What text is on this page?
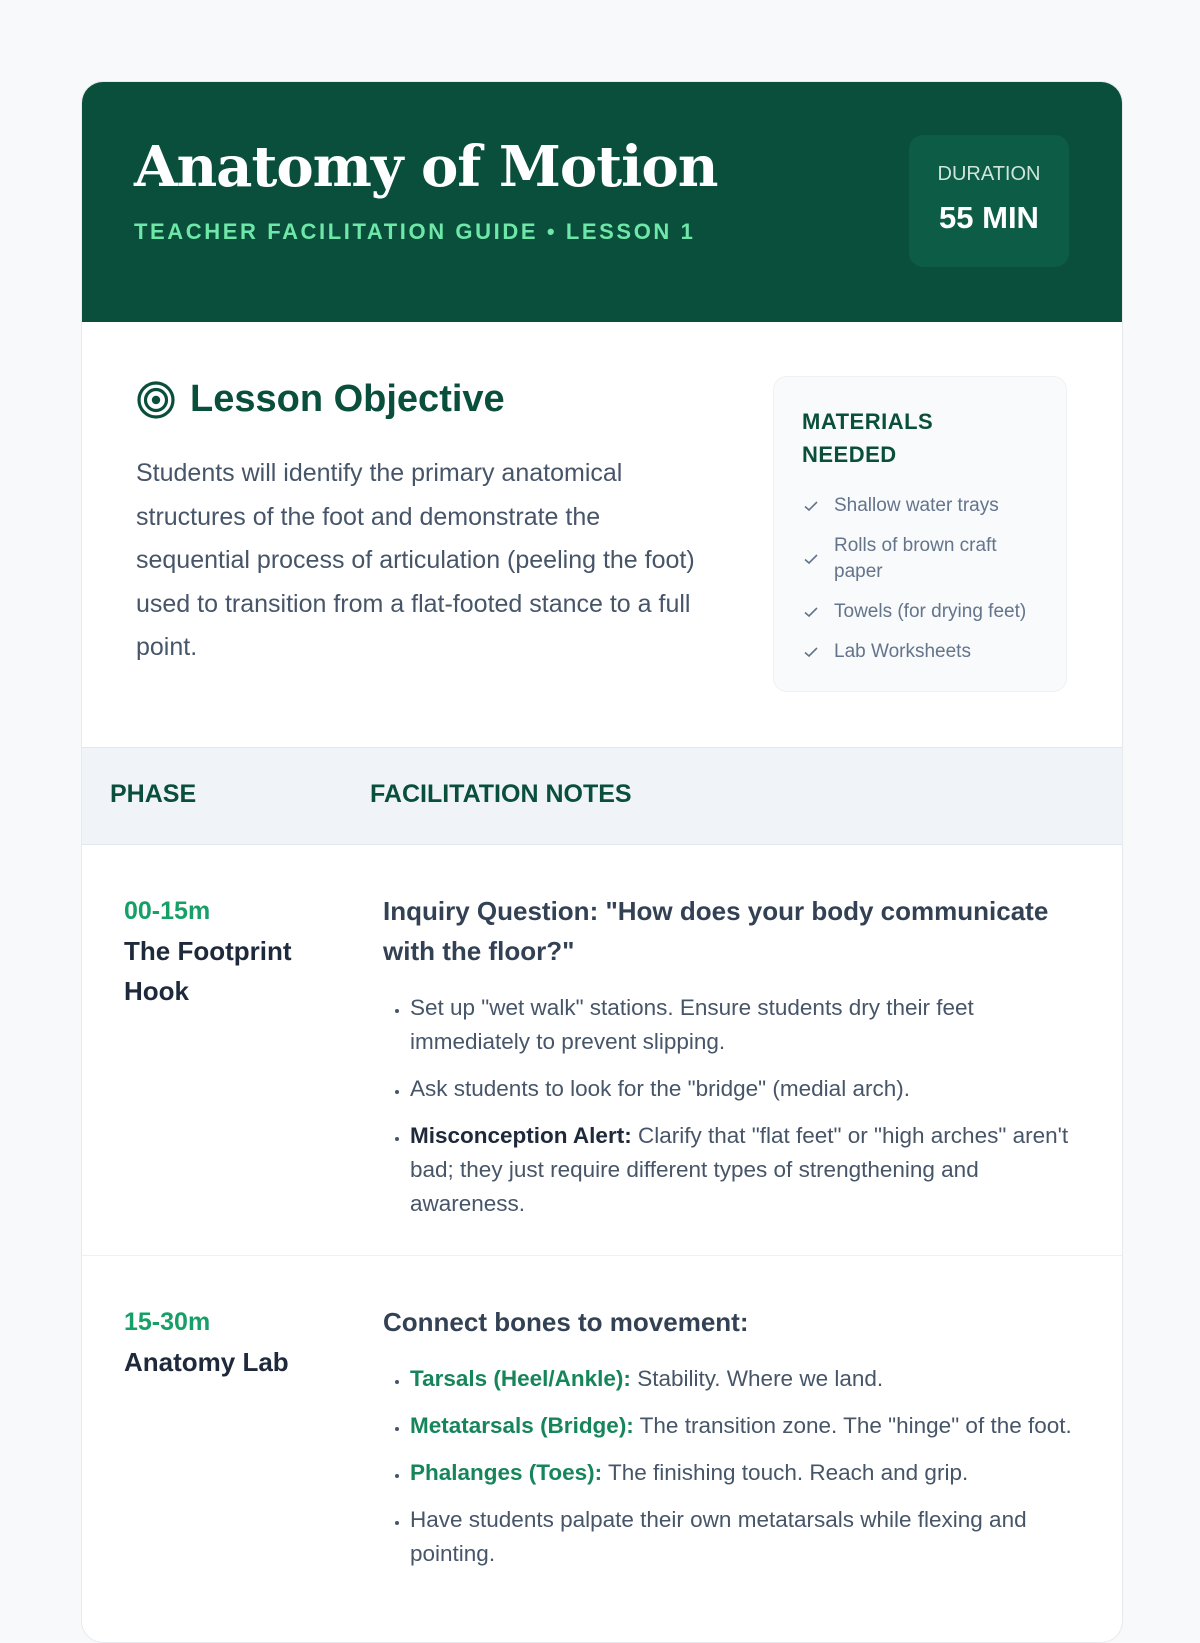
Anatomy of Motion
TEACHER FACILITATION GUIDE • LESSON 1
DURATION
55 MIN
Lesson Objective

Students will identify the primary anatomical structures of the foot and demonstrate the sequential process of articulation (peeling the foot) used to transition from a flat-footed stance to a full point.

MATERIALS NEEDED
Shallow water trays
Rolls of brown craft paper
Towels (for drying feet)
Lab Worksheets
PHASE	FACILITATION NOTES
00-15m
The Footprint Hook

Inquiry Question: "How does your body communicate with the floor?"

• Set up "wet walk" stations. Ensure students dry their feet immediately to prevent slipping.
• Ask students to look for the "bridge" (medial arch).
• Misconception Alert: Clarify that "flat feet" or "high arches" aren't bad; they just require different types of strengthening and awareness.
15-30m
Anatomy Lab

Connect bones to movement:

• Tarsals (Heel/Ankle): Stability. Where we land.
• Metatarsals (Bridge): The transition zone. The "hinge" of the foot.
• Phalanges (Toes): The finishing touch. Reach and grip.
• Have students palpate their own metatarsals while flexing and pointing.
